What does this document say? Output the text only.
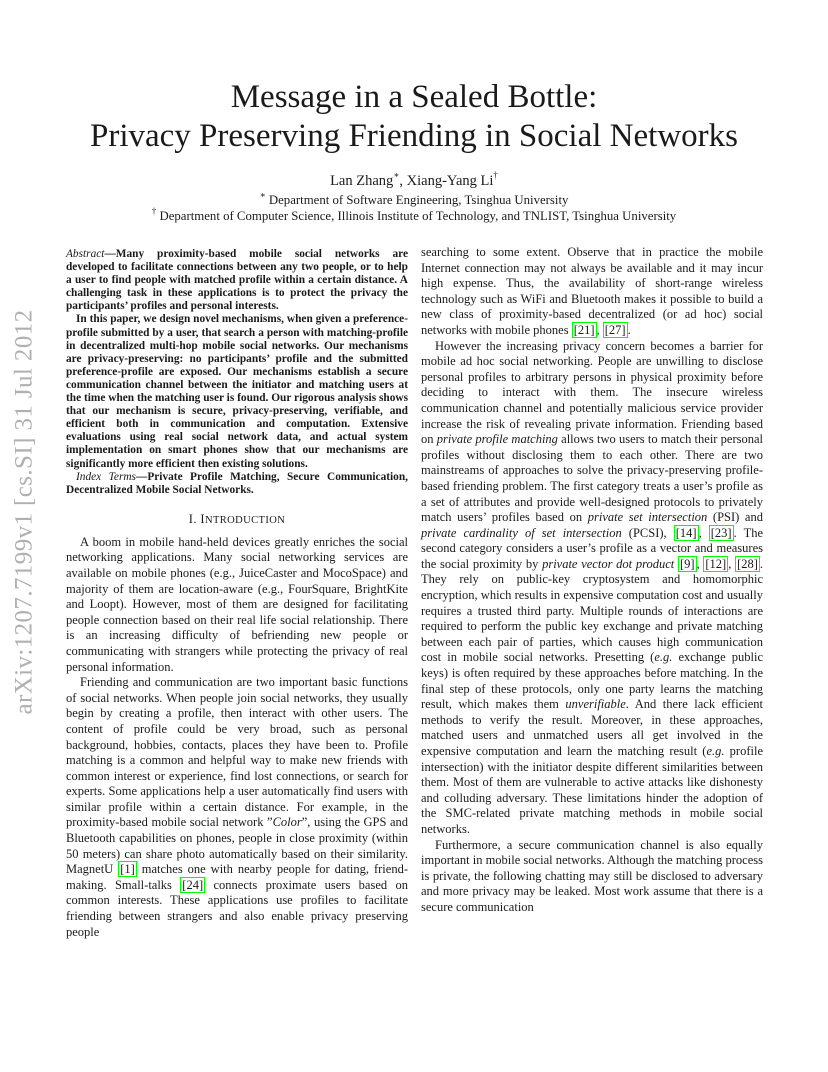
arXiv:1207.7199v1 [cs.SI] 31 Jul 2012
Message in a Sealed Bottle:
Privacy Preserving Friending in Social Networks
Lan Zhang∗, Xiang-Yang Li†
∗ Department of Software Engineering, Tsinghua University
† Department of Computer Science, Illinois Institute of Technology, and TNLIST, Tsinghua University

Abstract—Many proximity-based mobile social networks are developed to facilitate connections between any two people, or to help a user to find people with matched profile within a certain distance. A challenging task in these applications is to protect the privacy the participants’ profiles and personal interests.

In this paper, we design novel mechanisms, when given a preference-profile submitted by a user, that search a person with matching-profile in decentralized multi-hop mobile social networks. Our mechanisms are privacy-preserving: no participants’ profile and the submitted preference-profile are exposed. Our mechanisms establish a secure communication channel between the initiator and matching users at the time when the matching user is found. Our rigorous analysis shows that our mechanism is secure, privacy-preserving, verifiable, and efficient both in communication and computation. Extensive evaluations using real social network data, and actual system implementation on smart phones show that our mechanisms are significantly more efficient then existing solutions.

Index Terms—Private Profile Matching, Secure Communication, Decentralized Mobile Social Networks.

I. INTRODUCTION

A boom in mobile hand-held devices greatly enriches the social networking applications. Many social networking services are available on mobile phones (e.g., JuiceCaster and MocoSpace) and majority of them are location-aware (e.g., FourSquare, BrightKite and Loopt). However, most of them are designed for facilitating people connection based on their real life social relationship. There is an increasing difficulty of befriending new people or communicating with strangers while protecting the privacy of real personal information.

Friending and communication are two important basic functions of social networks. When people join social networks, they usually begin by creating a profile, then interact with other users. The content of profile could be very broad, such as personal background, hobbies, contacts, places they have been to. Profile matching is a common and helpful way to make new friends with common interest or experience, find lost connections, or search for experts. Some applications help a user automatically find users with similar profile within a certain distance. For example, in the proximity-based mobile social network ”Color”, using the GPS and Bluetooth capabilities on phones, people in close proximity (within 50 meters) can share photo automatically based on their similarity. MagnetU [1] matches one with nearby people for dating, friend-making. Small-talks [24] connects proximate users based on common interests. These applications use profiles to facilitate friending between strangers and also enable privacy preserving people

searching to some extent. Observe that in practice the mobile Internet connection may not always be available and it may incur high expense. Thus, the availability of short-range wireless technology such as WiFi and Bluetooth makes it possible to build a new class of proximity-based decentralized (or ad hoc) social networks with mobile phones [21] , [27] .

However the increasing privacy concern becomes a barrier for mobile ad hoc social networking. People are unwilling to disclose personal profiles to arbitrary persons in physical proximity before deciding to interact with them. The insecure wireless communication channel and potentially malicious service provider increase the risk of revealing private information. Friending based on private profile matching allows two users to match their personal profiles without disclosing them to each other. There are two mainstreams of approaches to solve the privacy-preserving profile-based friending problem. The first category treats a user’s profile as a set of attributes and provide well-designed protocols to privately match users’ profiles based on private set intersection (PSI) and private cardinality of set intersection (PCSI), [14] , [23] . The second category considers a user’s profile as a vector and measures the social proximity by private vector dot product [9] , [12] , [28] . They rely on public-key cryptosystem and homomorphic encryption, which results in expensive computation cost and usually requires a trusted third party. Multiple rounds of interactions are required to perform the public key exchange and private matching between each pair of parties, which causes high communication cost in mobile social networks. Presetting (e.g. exchange public keys) is often required by these approaches before matching. In the final step of these protocols, only one party learns the matching result, which makes them unverifiable. And there lack efficient methods to verify the result. Moreover, in these approaches, matched users and unmatched users all get involved in the expensive computation and learn the matching result (e.g. profile intersection) with the initiator despite different similarities between them. Most of them are vulnerable to active attacks like dishonesty and colluding adversary. These limitations hinder the adoption of the SMC-related private matching methods in mobile social networks.

Furthermore, a secure communication channel is also equally important in mobile social networks. Although the matching process is private, the following chatting may still be disclosed to adversary and more privacy may be leaked. Most work assume that there is a secure communication
